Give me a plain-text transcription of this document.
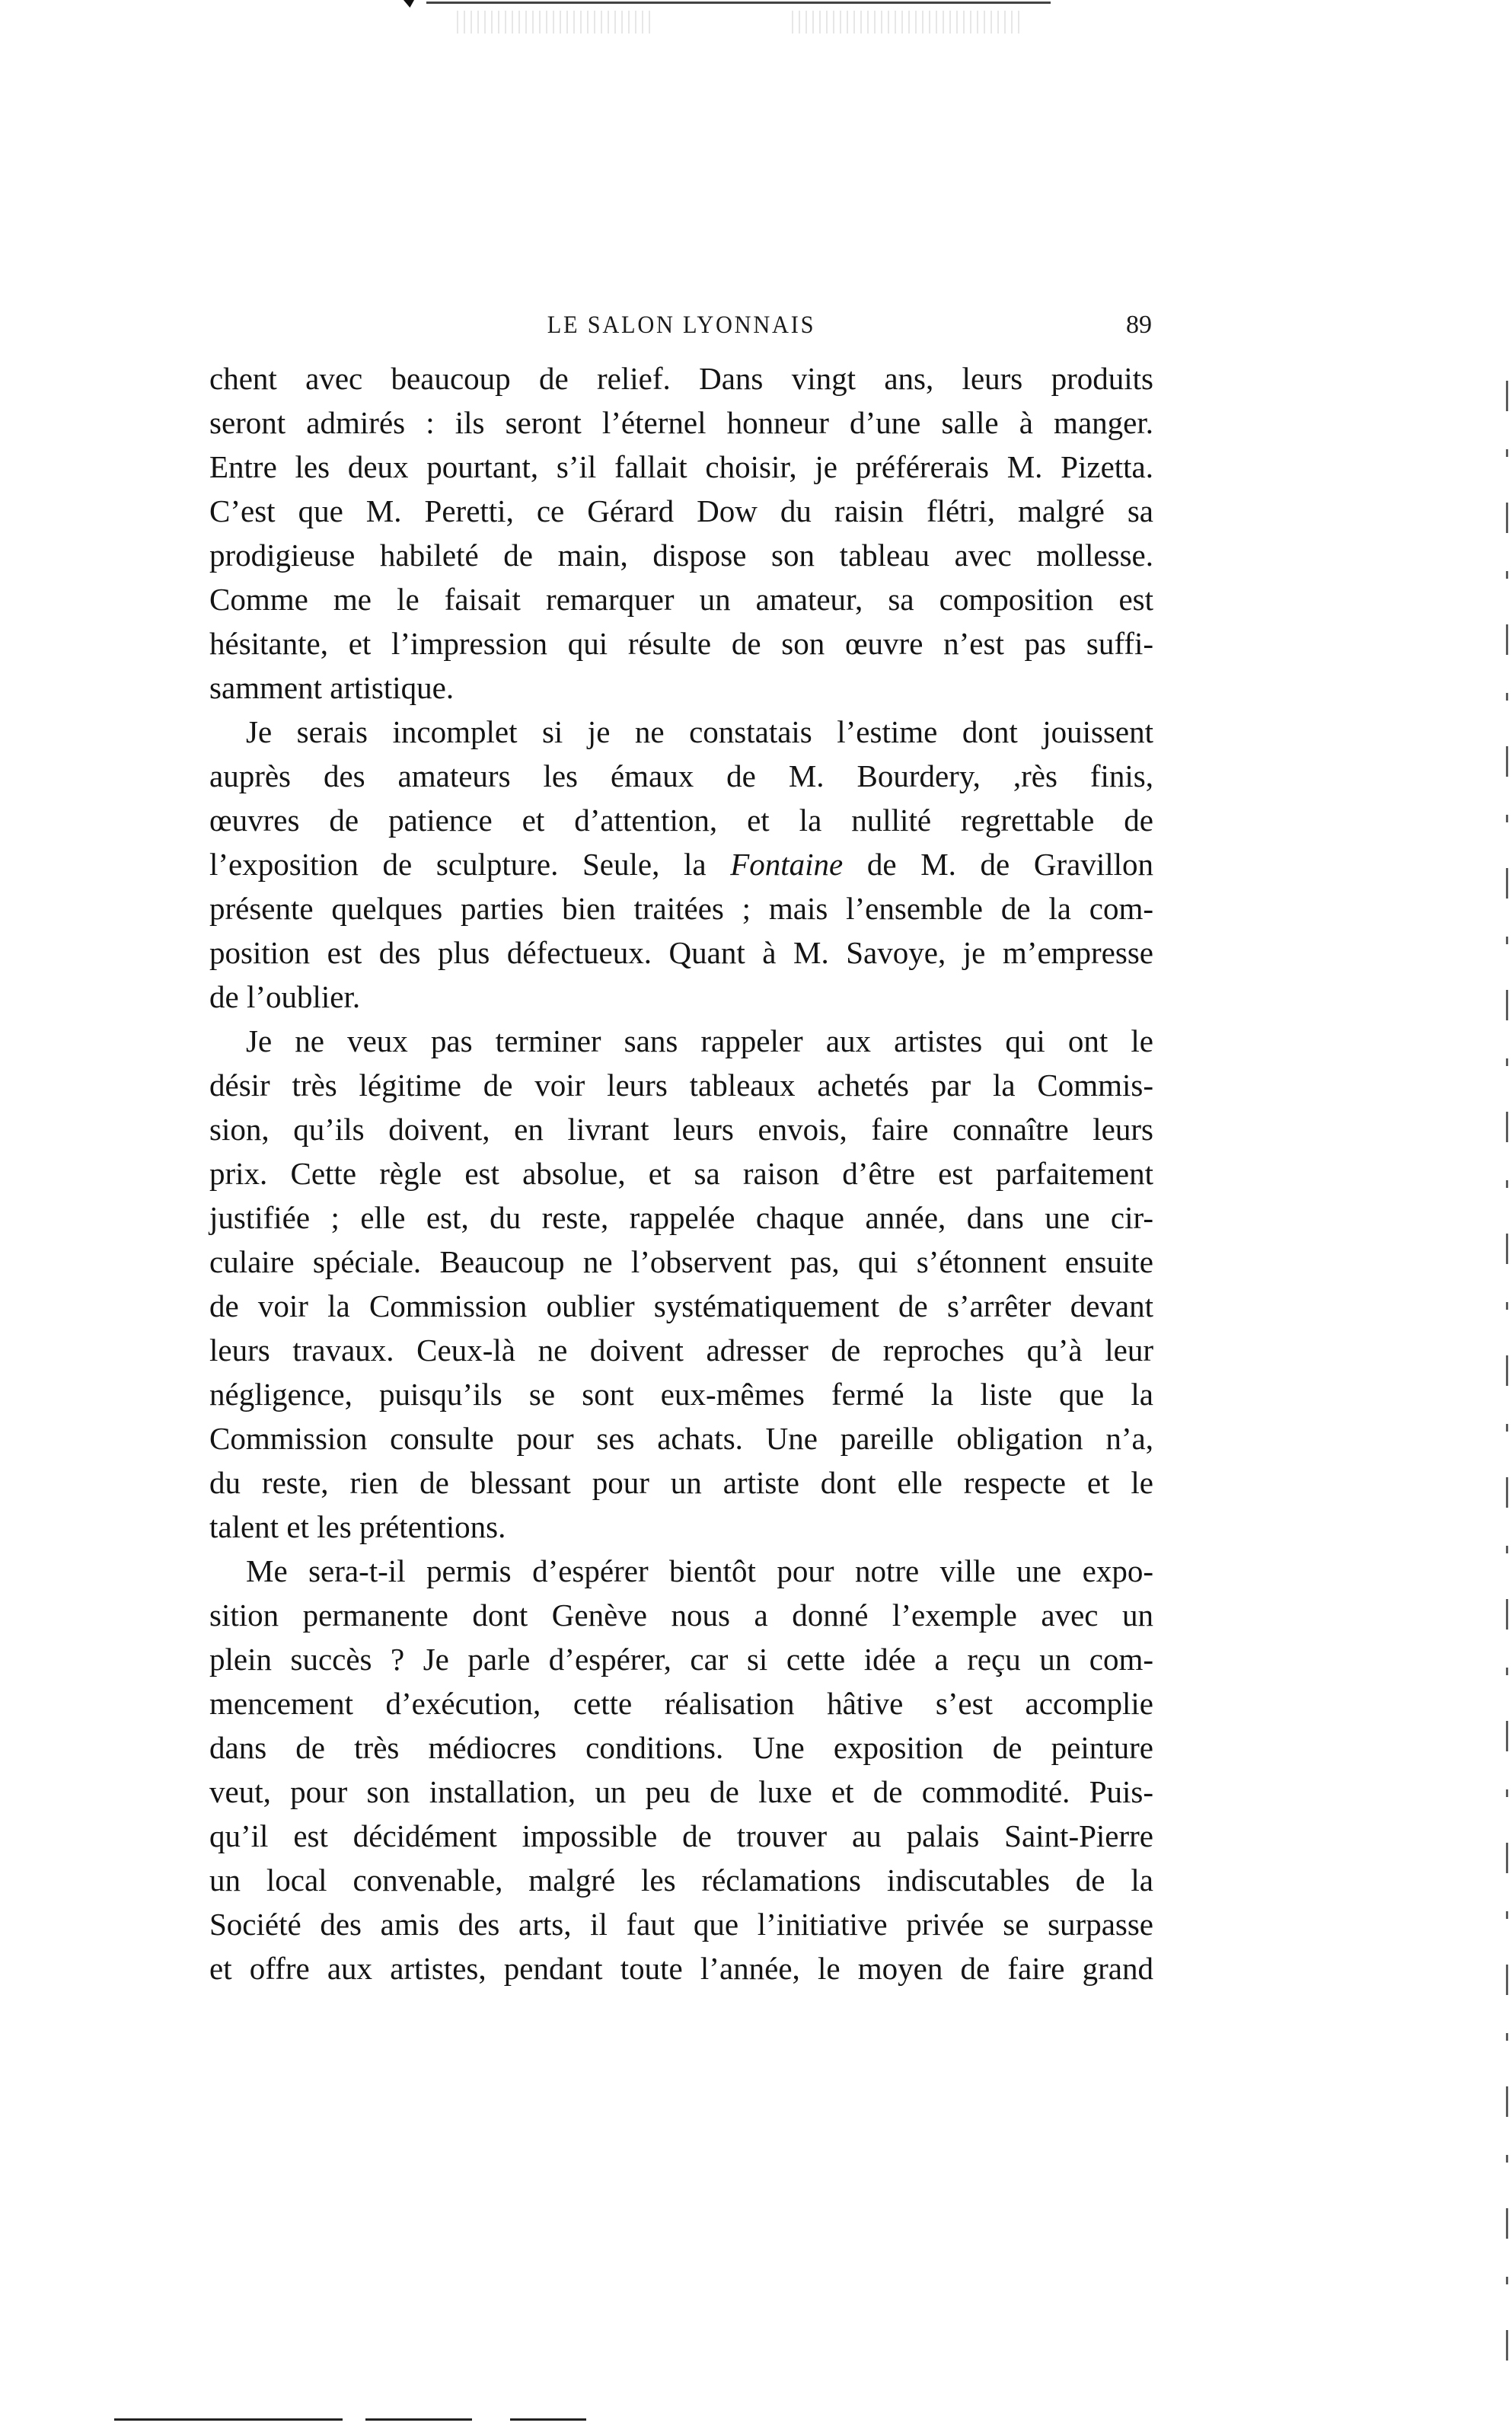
LE SALON LYONNAIS	89
chent avec beaucoup de relief. Dans vingt ans, leurs produits
seront admirés : ils seront l’éternel honneur d’une salle à manger.
Entre les deux pourtant, s’il fallait choisir, je préférerais M. Pizetta.
C’est que M. Peretti, ce Gérard Dow du raisin flétri, malgré sa
prodigieuse habileté de main, dispose son tableau avec mollesse.
Comme me le faisait remarquer un amateur, sa composition est
hésitante, et l’impression qui résulte de son œuvre n’est pas suffi-
samment artistique.
Je serais incomplet si je ne constatais l’estime dont jouissent
auprès des amateurs les émaux de M. Bourdery, ,rès finis,
œuvres de patience et d’attention, et la nullité regrettable de
l’exposition de sculpture. Seule, la Fontaine de M. de Gravillon
présente quelques parties bien traitées ; mais l’ensemble de la com-
position est des plus défectueux. Quant à M. Savoye, je m’empresse
de l’oublier.
Je ne veux pas terminer sans rappeler aux artistes qui ont le
désir très légitime de voir leurs tableaux achetés par la Commis-
sion, qu’ils doivent, en livrant leurs envois, faire connaître leurs
prix. Cette règle est absolue, et sa raison d’être est parfaitement
justifiée ; elle est, du reste, rappelée chaque année, dans une cir-
culaire spéciale. Beaucoup ne l’observent pas, qui s’étonnent ensuite
de voir la Commission oublier systématiquement de s’arrêter devant
leurs travaux. Ceux-là ne doivent adresser de reproches qu’à leur
négligence, puisqu’ils se sont eux-mêmes fermé la liste que la
Commission consulte pour ses achats. Une pareille obligation n’a,
du reste, rien de blessant pour un artiste dont elle respecte et le
talent et les prétentions.
Me sera-t-il permis d’espérer bientôt pour notre ville une expo-
sition permanente dont Genève nous a donné l’exemple avec un
plein succès ? Je parle d’espérer, car si cette idée a reçu un com-
mencement d’exécution, cette réalisation hâtive s’est accomplie
dans de très médiocres conditions. Une exposition de peinture
veut, pour son installation, un peu de luxe et de commodité. Puis-
qu’il est décidément impossible de trouver au palais Saint-Pierre
un local convenable, malgré les réclamations indiscutables de la
Société des amis des arts, il faut que l’initiative privée se surpasse
et offre aux artistes, pendant toute l’année, le moyen de faire grand
